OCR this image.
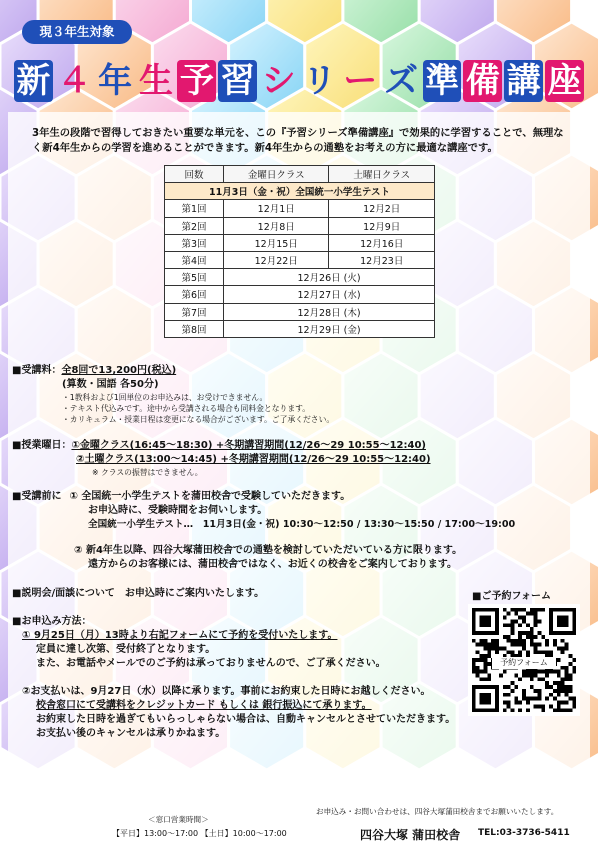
現３年生対象
新 ４ 年 生 予 習 シ リ ー ズ 準 備 講 座
3年生の段階で習得しておきたい重要な単元を、この『予習シリーズ準備講座』で効果的に学習することで、無理なく新4年生からの学習を進めることができます。新4年生からの通塾をお考えの方に最適な講座です。
回数	金曜日クラス	土曜日クラス
11月3日（金・祝）全国統一小学生テスト		
第1回	12月1日	12月2日
第2回	12月8日	12月9日
第3回	12月15日	12月16日
第4回	12月22日	12月23日
第5回	12月26日 (火)	
第6回	12月27日 (水)	
第7回	12月28日 (木)	
第8回	12月29日 (金)	
■受講料：全8回で13,200円(税込)
(算数・国語 各50分)
・1教科および1回単位のお申込みは、お受けできません。
・テキスト代込みです。途中から受講される場合も同料金となります。
・カリキュラム・授業日程は変更になる場合がございます。ご了承ください。
■授業曜日：①金曜クラス(16:45～18:30) +冬期講習期間(12/26～29 10:55～12:40)
②土曜クラス(13:00～14:45) +冬期講習期間(12/26～29 10:55～12:40)
※ クラスの振替はできません。
■受講前に ① 全国統一小学生テストを蒲田校舎で受験していただきます。
お申込時に、受験時間をお伺いします。
全国統一小学生テスト…　11月3日(金・祝) 10:30～12:50 / 13:30～15:50 / 17:00～19:00
② 新4年生以降、四谷大塚蒲田校舎での通塾を検討していただいている方に限ります。
遠方からのお客様には、蒲田校舎ではなく、お近くの校舎をご案内しております。
■説明会/面談について　お申込時にご案内いたします。
■お申込み方法：
① 9月25日（月）13時より右記フォームにて予約を受付いたします。
定員に達し次第、受付終了となります。
また、お電話やメールでのご予約は承っておりませんので、ご了承ください。
②お支払いは、9月27日（水）以降に承ります。事前にお約束した日時にお越しください。
校舎窓口にて受講料をクレジットカード もしくは 銀行振込にて承ります。
お約束した日時を過ぎてもいらっしゃらない場合は、自動キャンセルとさせていただきます。
お支払い後のキャンセルは承りかねます。
■ご予約フォーム
予約フォーム
お申込み・お問い合わせは、四谷大塚蒲田校舎までお願いいたします。
＜窓口営業時間＞
【平日】13:00～17:00 【土日】10:00～17:00	四谷大塚 蒲田校舎 TEL:03-3736-5411
